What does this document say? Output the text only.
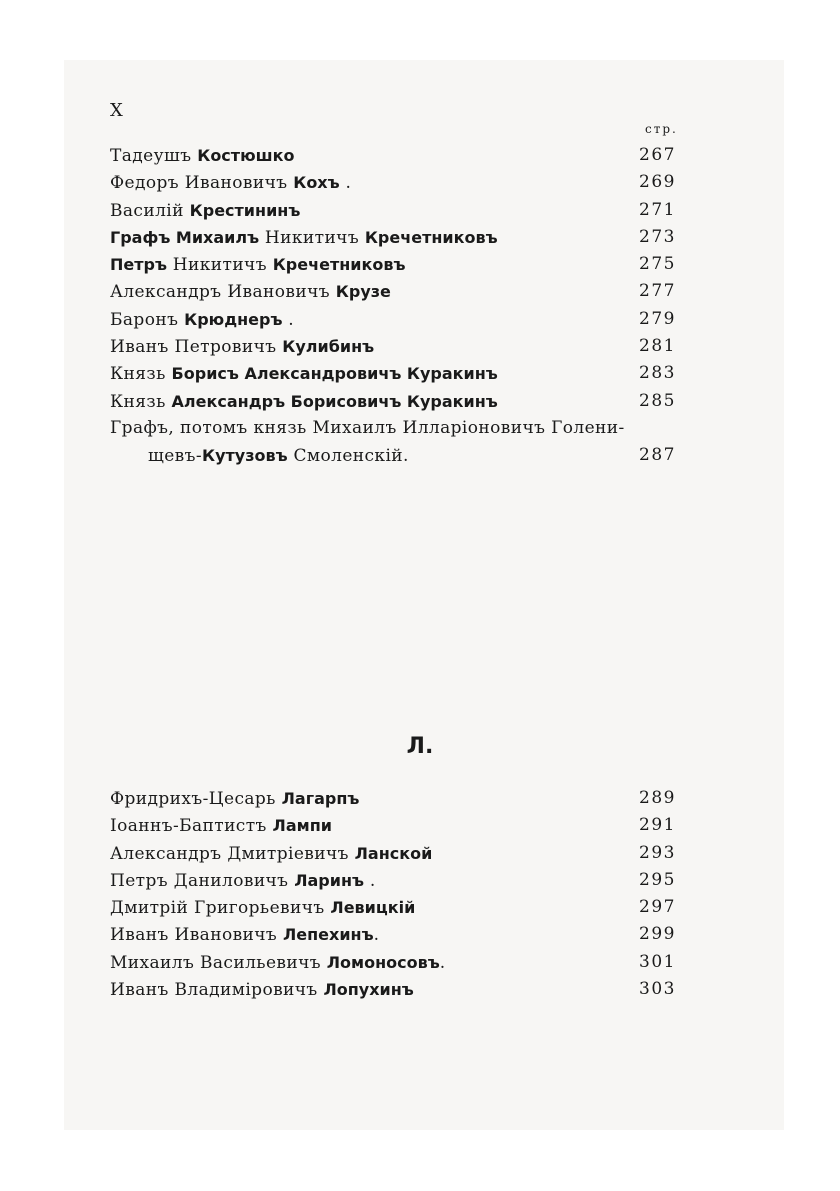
X
стр.
Тадеушъ Костюшко	267
Федоръ Ивановичъ Кохъ .	269
Василій Крестининъ	271
Графъ Михаилъ Никитичъ Кречетниковъ	273
Петръ Никитичъ Кречетниковъ	275
Александръ Ивановичъ Крузе	277
Баронъ Крюднеръ .	279
Иванъ Петровичъ Кулибинъ	281
Князь Борисъ Александровичъ Куракинъ	283
Князь Александръ Борисовичъ Куракинъ	285
Графъ, потомъ князь Михаилъ Илларіоновичъ Голени-
щевъ-Кутузовъ Смоленскій.	287
Л.
Фридрихъ-Цесарь Лагарпъ	289
Іоаннъ-Баптистъ Лампи	291
Александръ Дмитріевичъ Ланской	293
Петръ Даниловичъ Ларинъ .	295
Дмитрій Григорьевичъ Левицкій	297
Иванъ Ивановичъ Лепехинъ.	299
Михаилъ Васильевичъ Ломоносовъ.	301
Иванъ Владиміровичъ Лопухинъ	303
